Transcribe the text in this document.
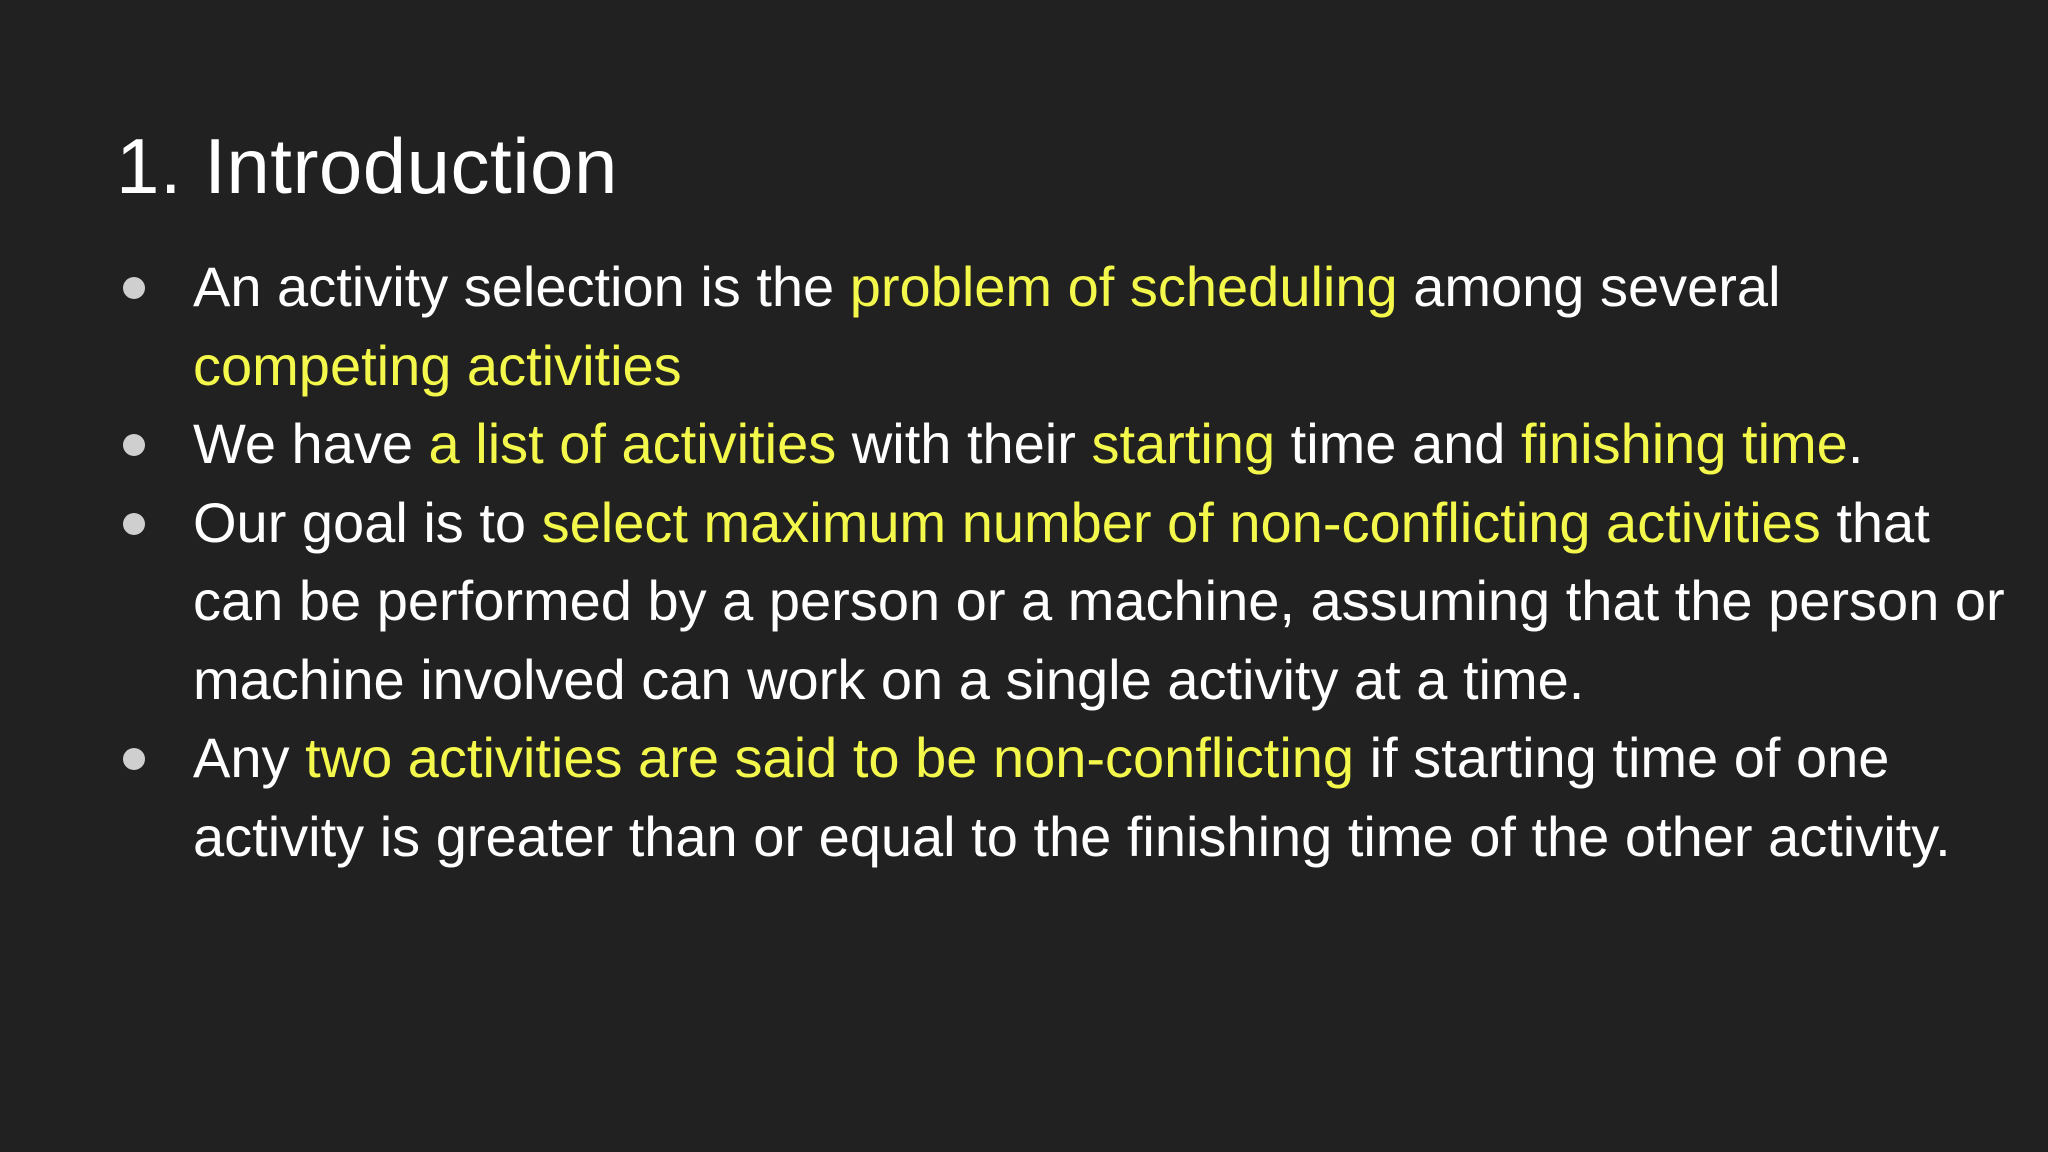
1. Introduction
An activity selection is the problem of scheduling among several competing activities
We have a list of activities with their starting time and finishing time.
Our goal is to select maximum number of non-conflicting activities that can be performed by a person or a machine, assuming that the person or machine involved can work on a single activity at a time.
Any two activities are said to be non-conflicting if starting time of one activity is greater than or equal to the finishing time of the other activity.
